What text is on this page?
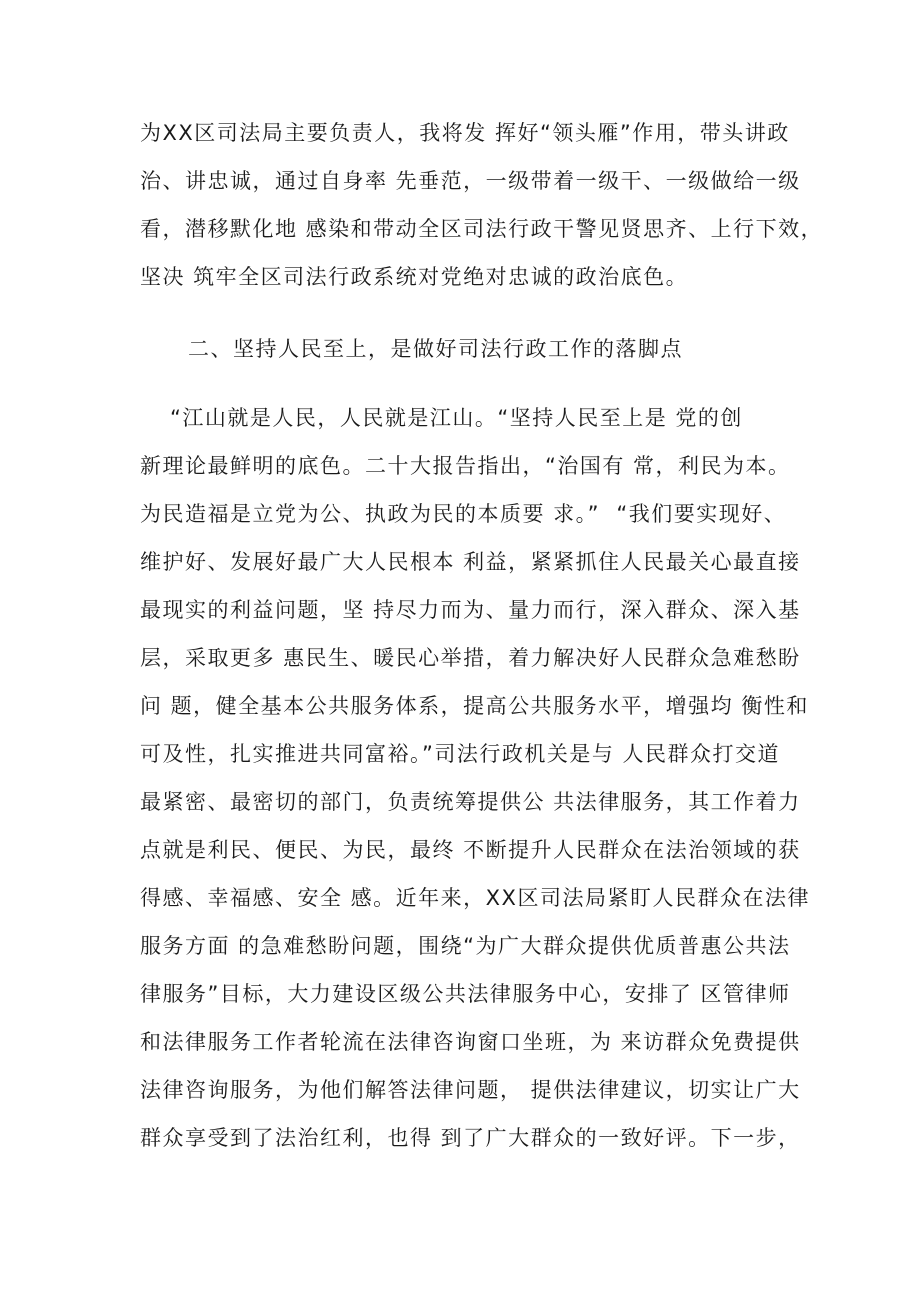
为XX区司法局主要负责人，我将发 挥好“领头雁”作用，带头讲政
治、讲忠诚，通过自身率 先垂范，一级带着一级干、一级做给一级
看，潜移默化地 感染和带动全区司法行政干警见贤思齐、上行下效，
坚决 筑牢全区司法行政系统对党绝对忠诚的政治底色。
二、坚持人民至上，是做好司法行政工作的落脚点
“江山就是人民，人民就是江山。“坚持人民至上是 党的创
新理论最鲜明的底色。二十大报告指出，“治国有 常，利民为本。
为民造福是立党为公、执政为民的本质要 求。”  “我们要实现好、
维护好、发展好最广大人民根本 利益，紧紧抓住人民最关心最直接
最现实的利益问题，坚 持尽力而为、量力而行，深入群众、深入基
层，采取更多 惠民生、暖民心举措，着力解决好人民群众急难愁盼
问 题，健全基本公共服务体系，提高公共服务水平，增强均 衡性和
可及性，扎实推进共同富裕。”司法行政机关是与 人民群众打交道
最紧密、最密切的部门，负责统筹提供公 共法律服务，其工作着力
点就是利民、便民、为民，最终 不断提升人民群众在法治领域的获
得感、幸福感、安全 感。近年来，XX区司法局紧盯人民群众在法律
服务方面 的急难愁盼问题，围绕“为广大群众提供优质普惠公共法
律服务”目标，大力建设区级公共法律服务中心，安排了 区管律师
和法律服务工作者轮流在法律咨询窗口坐班，为 来访群众免费提供
法律咨询服务，为他们解答法律问题， 提供法律建议，切实让广大
群众享受到了法治红利，也得 到了广大群众的一致好评。下一步，
